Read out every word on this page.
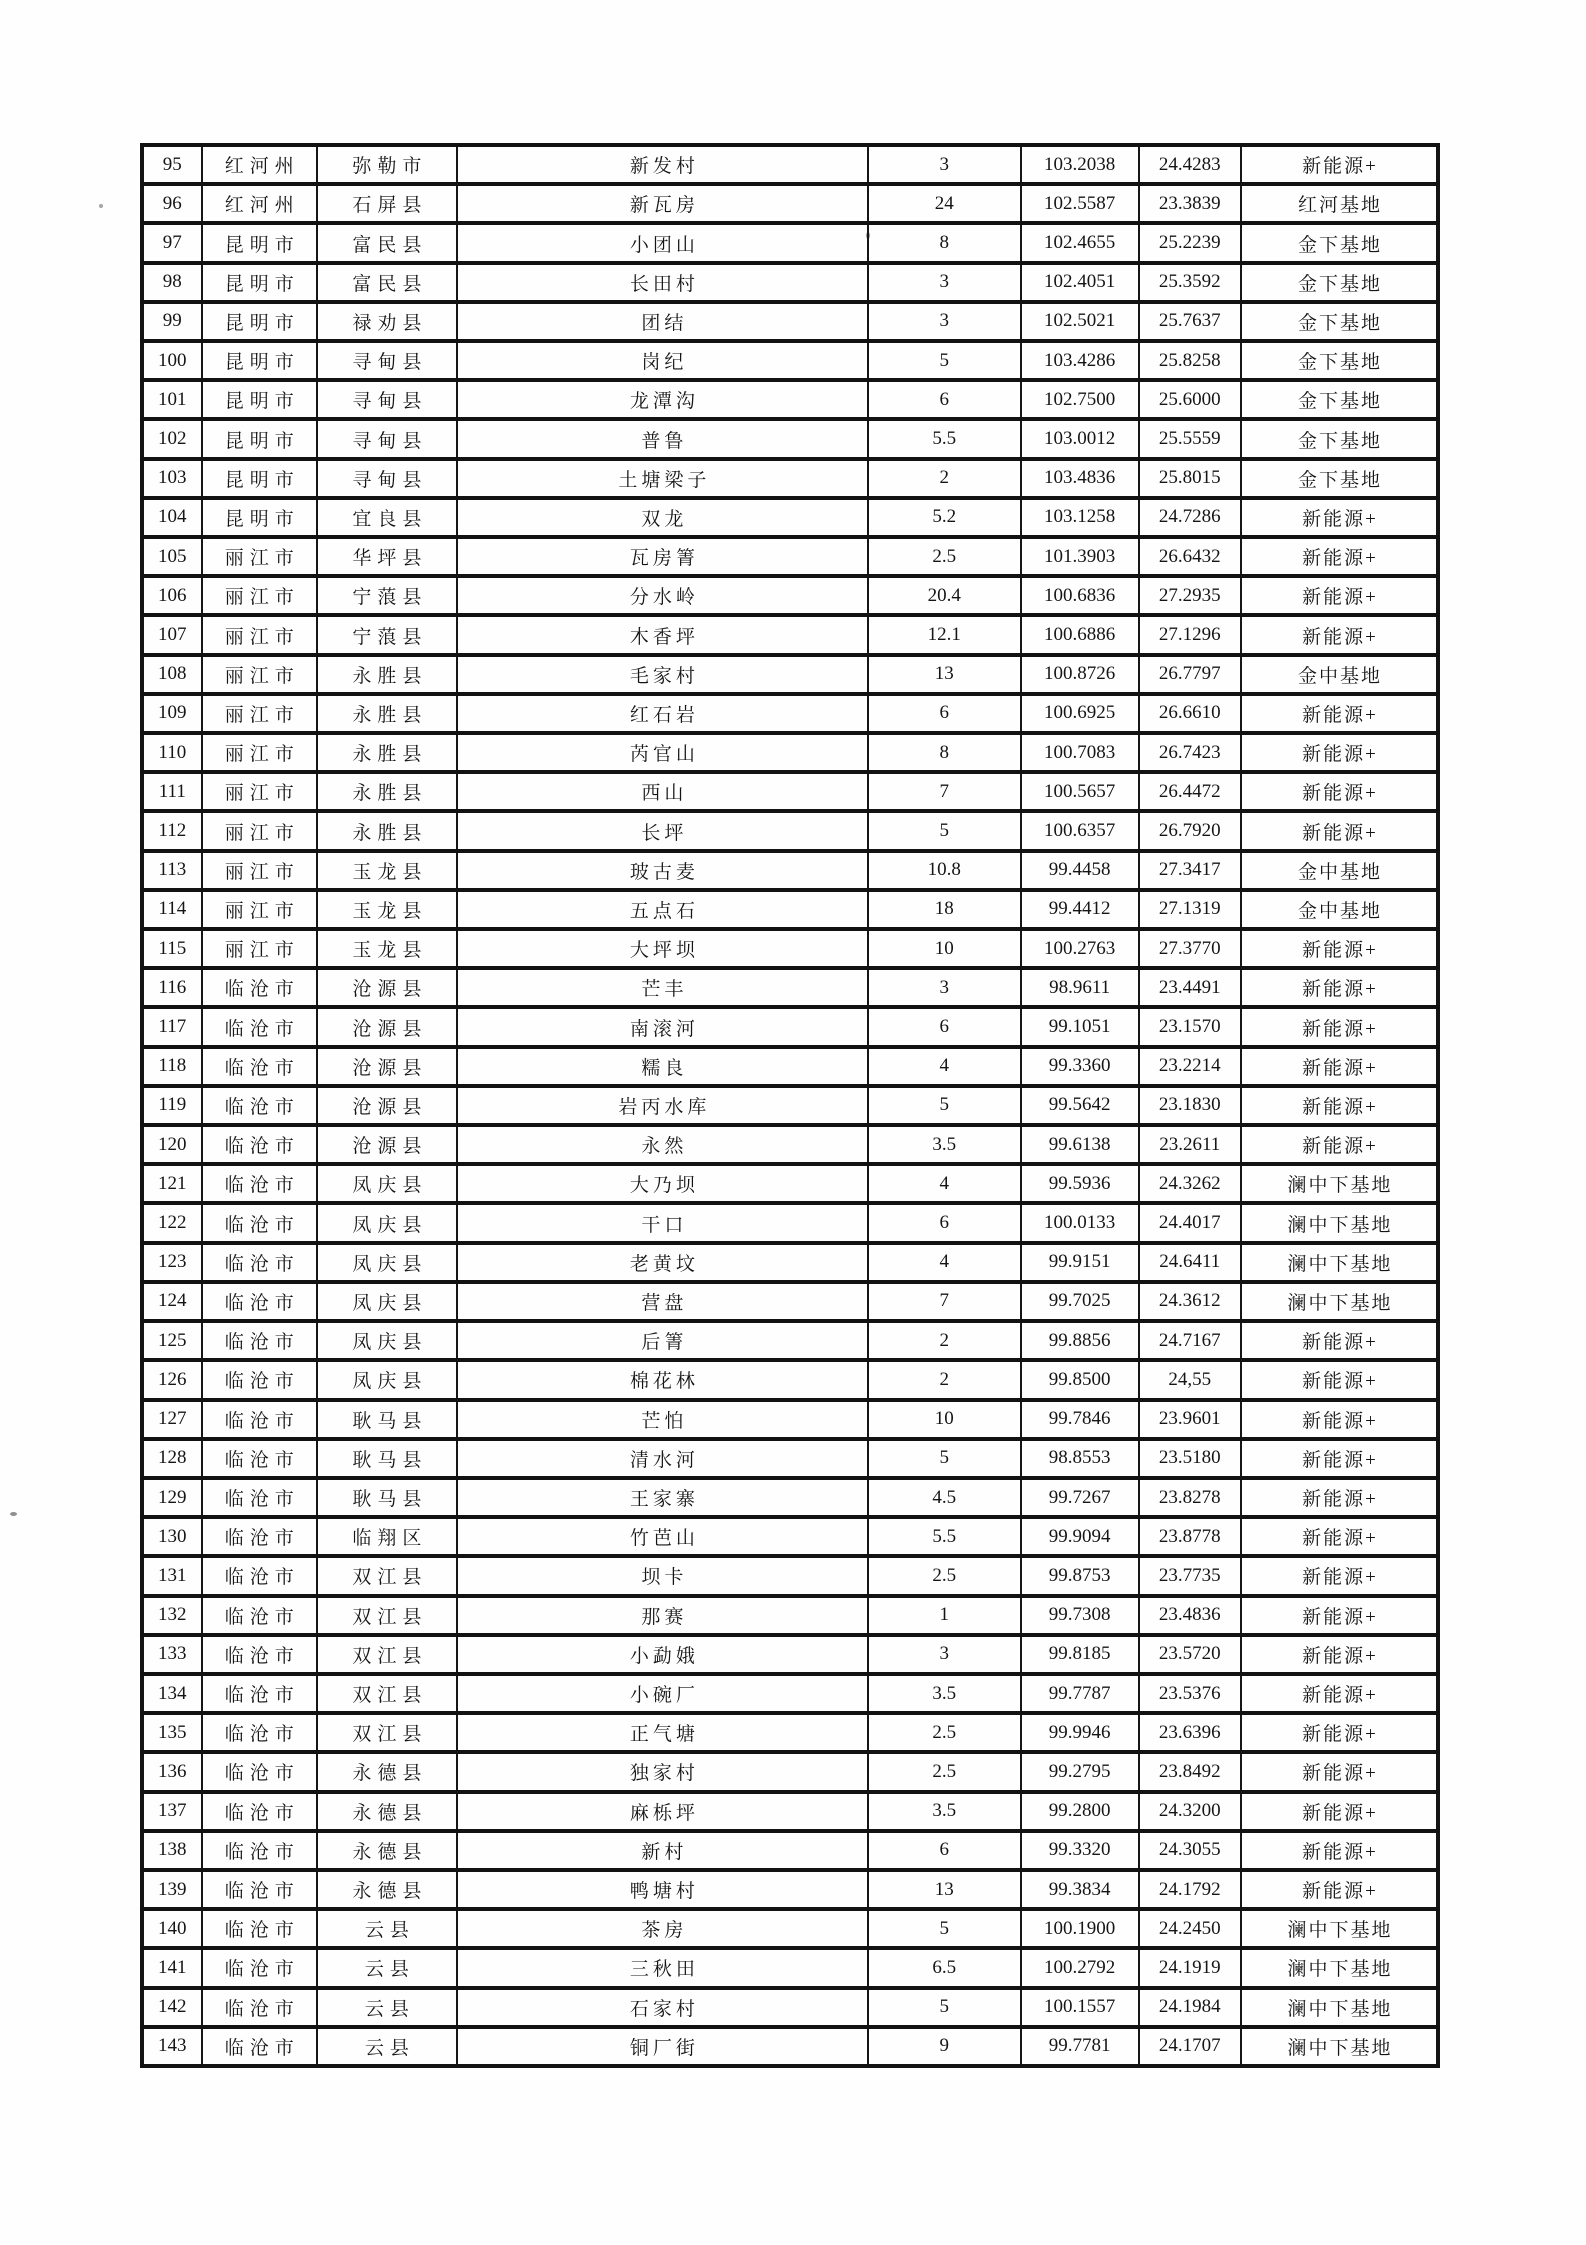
95	红河州	弥勒市	新发村	3	103.2038	24.4283	新能源+
96	红河州	石屏县	新瓦房	24	102.5587	23.3839	红河基地
97	昆明市	富民县	小团山	8	102.4655	25.2239	金下基地
98	昆明市	富民县	长田村	3	102.4051	25.3592	金下基地
99	昆明市	禄劝县	团结	3	102.5021	25.7637	金下基地
100	昆明市	寻甸县	岗纪	5	103.4286	25.8258	金下基地
101	昆明市	寻甸县	龙潭沟	6	102.7500	25.6000	金下基地
102	昆明市	寻甸县	普鲁	5.5	103.0012	25.5559	金下基地
103	昆明市	寻甸县	土塘梁子	2	103.4836	25.8015	金下基地
104	昆明市	宜良县	双龙	5.2	103.1258	24.7286	新能源+
105	丽江市	华坪县	瓦房箐	2.5	101.3903	26.6432	新能源+
106	丽江市	宁蒗县	分水岭	20.4	100.6836	27.2935	新能源+
107	丽江市	宁蒗县	木香坪	12.1	100.6886	27.1296	新能源+
108	丽江市	永胜县	毛家村	13	100.8726	26.7797	金中基地
109	丽江市	永胜县	红石岩	6	100.6925	26.6610	新能源+
110	丽江市	永胜县	芮官山	8	100.7083	26.7423	新能源+
111	丽江市	永胜县	西山	7	100.5657	26.4472	新能源+
112	丽江市	永胜县	长坪	5	100.6357	26.7920	新能源+
113	丽江市	玉龙县	玻古麦	10.8	99.4458	27.3417	金中基地
114	丽江市	玉龙县	五点石	18	99.4412	27.1319	金中基地
115	丽江市	玉龙县	大坪坝	10	100.2763	27.3770	新能源+
116	临沧市	沧源县	芒丰	3	98.9611	23.4491	新能源+
117	临沧市	沧源县	南滚河	6	99.1051	23.1570	新能源+
118	临沧市	沧源县	糯良	4	99.3360	23.2214	新能源+
119	临沧市	沧源县	岩丙水库	5	99.5642	23.1830	新能源+
120	临沧市	沧源县	永然	3.5	99.6138	23.2611	新能源+
121	临沧市	凤庆县	大乃坝	4	99.5936	24.3262	澜中下基地
122	临沧市	凤庆县	干口	6	100.0133	24.4017	澜中下基地
123	临沧市	凤庆县	老黄坟	4	99.9151	24.6411	澜中下基地
124	临沧市	凤庆县	营盘	7	99.7025	24.3612	澜中下基地
125	临沧市	凤庆县	后箐	2	99.8856	24.7167	新能源+
126	临沧市	凤庆县	棉花林	2	99.8500	24,55	新能源+
127	临沧市	耿马县	芒怕	10	99.7846	23.9601	新能源+
128	临沧市	耿马县	清水河	5	98.8553	23.5180	新能源+
129	临沧市	耿马县	王家寨	4.5	99.7267	23.8278	新能源+
130	临沧市	临翔区	竹芭山	5.5	99.9094	23.8778	新能源+
131	临沧市	双江县	坝卡	2.5	99.8753	23.7735	新能源+
132	临沧市	双江县	那赛	1	99.7308	23.4836	新能源+
133	临沧市	双江县	小勐娥	3	99.8185	23.5720	新能源+
134	临沧市	双江县	小碗厂	3.5	99.7787	23.5376	新能源+
135	临沧市	双江县	正气塘	2.5	99.9946	23.6396	新能源+
136	临沧市	永德县	独家村	2.5	99.2795	23.8492	新能源+
137	临沧市	永德县	麻栎坪	3.5	99.2800	24.3200	新能源+
138	临沧市	永德县	新村	6	99.3320	24.3055	新能源+
139	临沧市	永德县	鸭塘村	13	99.3834	24.1792	新能源+
140	临沧市	云县	茶房	5	100.1900	24.2450	澜中下基地
141	临沧市	云县	三秋田	6.5	100.2792	24.1919	澜中下基地
142	临沧市	云县	石家村	5	100.1557	24.1984	澜中下基地
143	临沧市	云县	铜厂街	9	99.7781	24.1707	澜中下基地
